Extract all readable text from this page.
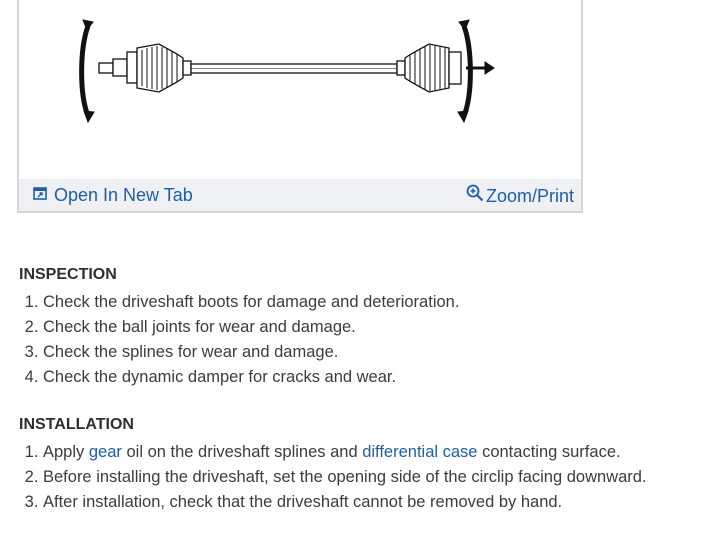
Open In New Tab	Zoom/Print
INSPECTION
1. Check the driveshaft boots for damage and deterioration.
2. Check the ball joints for wear and damage.
3. Check the splines for wear and damage.
4. Check the dynamic damper for cracks and wear.
INSTALLATION
1. Apply gear oil on the driveshaft splines and differential case contacting surface.
2. Before installing the driveshaft, set the opening side of the circlip facing downward.
3. After installation, check that the driveshaft cannot be removed by hand.
